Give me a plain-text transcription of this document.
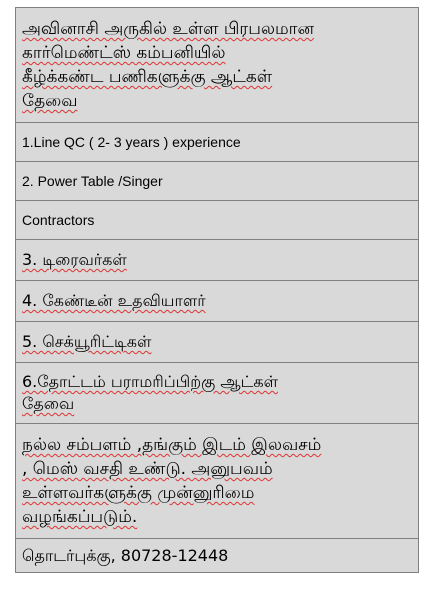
அவினாசி அருகில் உள்ள பிரபலமான
கார்மெண்ட்ஸ் கம்பனியில்
கீழ்க்கண்ட பணிகளுக்கு ஆட்கள்
தேவை

1.Line QC ( 2- 3 years ) experience
2. Power Table /Singer
Contractors

3. டிரைவர்கள்

4. கேண்டீன் உதவியாளர்

5. செக்யூரிட்டிகள்

6.தோட்டம் பராமரிப்பிற்கு ஆட்கள்
தேவை

நல்ல சம்பளம் ,தங்கும் இடம் இலவசம்
, மெஸ் வசதி உண்டு. அனுபவம்
உள்ளவர்களுக்கு முன்னுரிமை
வழங்கப்படும்.

தொடர்புக்கு, 80728-12448
